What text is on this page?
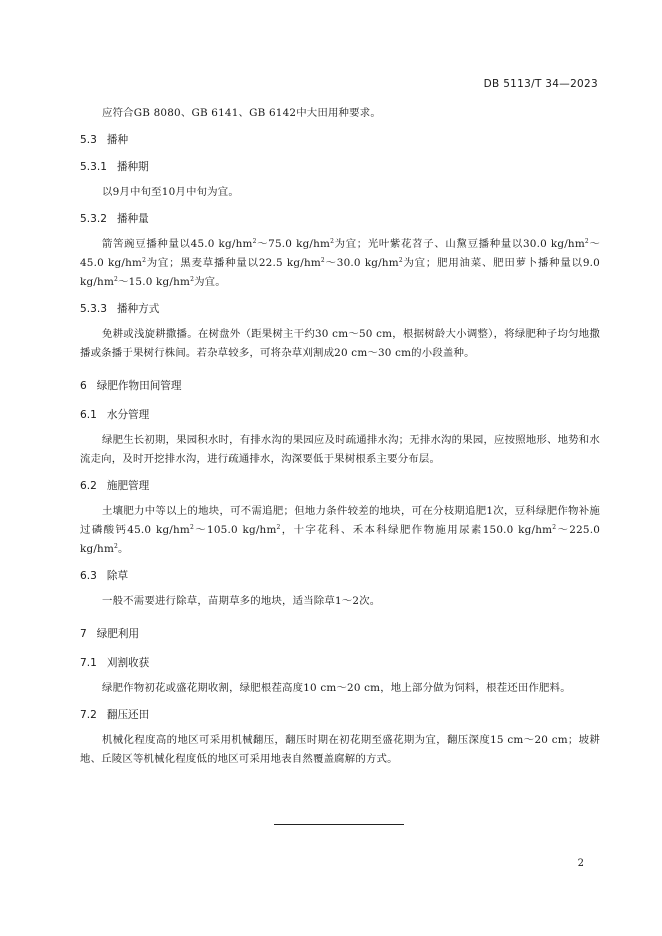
DB 5113/T 34—2023

应符合GB 8080、GB 6141、GB 6142中大田用种要求。

5.3 播种
5.3.1 播种期

以9月中旬至10月中旬为宜。

5.3.2 播种量

箭筈豌豆播种量以45.0 $kg/hm^2\sim 75.0$ $kg/hm^2$为宜；光叶紫花苕子、山黧豆播种量以30.0 $kg/hm^2\sim 45.0$ $kg/hm^2$为宜；黑麦草播种量以22.5 $kg/hm^2\sim 30.0$ $kg/hm^2$为宜；肥用油菜、肥田萝卜播种量以9.0 $kg/hm^2\sim 15.0$ $kg/hm^2$为宜。

5.3.3 播种方式

免耕或浅旋耕撒播。在树盘外（距果树主干约30 cm～50 cm，根据树龄大小调整），将绿肥种子均匀地撒播或条播于果树行株间。若杂草较多，可将杂草刈割成20 cm～30 cm的小段盖种。

6 绿肥作物田间管理
6.1 水分管理

绿肥生长初期，果园积水时，有排水沟的果园应及时疏通排水沟；无排水沟的果园，应按照地形、地势和水流走向，及时开挖排水沟，进行疏通排水，沟深要低于果树根系主要分布层。

6.2 施肥管理

土壤肥力中等以上的地块，可不需追肥；但地力条件较差的地块，可在分枝期追肥1次，豆科绿肥作物补施过磷酸钙45.0 $kg/hm^2\sim 105.0$ $kg/hm^2$，十字花科、禾本科绿肥作物施用尿素150.0 $kg/hm^2\sim 225.0$ $kg/hm^2$。

6.3 除草

一般不需要进行除草，苗期草多的地块，适当除草1～2次。

7 绿肥利用
7.1 刈割收获

绿肥作物初花或盛花期收割，绿肥根茬高度10 cm～20 cm，地上部分做为饲料，根茬还田作肥料。

7.2 翻压还田

机械化程度高的地区可采用机械翻压，翻压时期在初花期至盛花期为宜，翻压深度15 cm～20 cm；坡耕地、丘陵区等机械化程度低的地区可采用地表自然覆盖腐解的方式。

2
